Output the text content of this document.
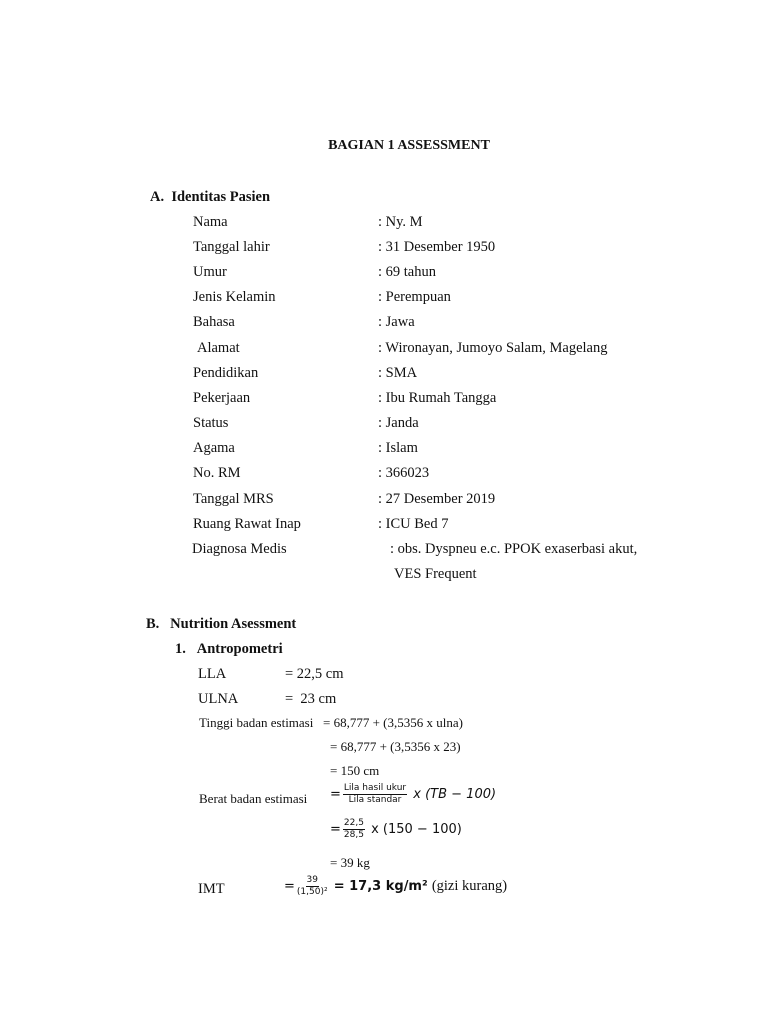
BAGIAN 1 ASSESSMENT
A.  Identitas Pasien
Nama	: Ny. M
Tanggal lahir	: 31 Desember 1950
Umur	: 69 tahun
Jenis Kelamin	: Perempuan
Bahasa	: Jawa
Alamat	: Wironayan, Jumoyo Salam, Magelang
Pendidikan	: SMA
Pekerjaan	: Ibu Rumah Tangga
Status	: Janda
Agama	: Islam
No. RM	: 366023
Tanggal MRS	: 27 Desember 2019
Ruang Rawat Inap	: ICU Bed 7
Diagnosa Medis	: obs. Dyspneu e.c. PPOK exaserbasi akut,
VES Frequent
B.   Nutrition Asessment
1.   Antropometri
LLA	= 22,5 cm
ULNA	=  23 cm
Tinggi badan estimasi = 68,777 + (3,5356 x ulna)
= 68,777 + (3,5356 x 23)
= 150 cm
Berat badan estimasi = $\frac{\text{Lila hasil ukur}}{\text{Lila standar}}$ x (TB − 100)
= $\frac{22,5}{28,5}$ x (150 − 100)
= 39 kg
IMT	= $\frac{39}{\text{(1,50)²}} = 17,3$ kg/m² (gizi kurang)
